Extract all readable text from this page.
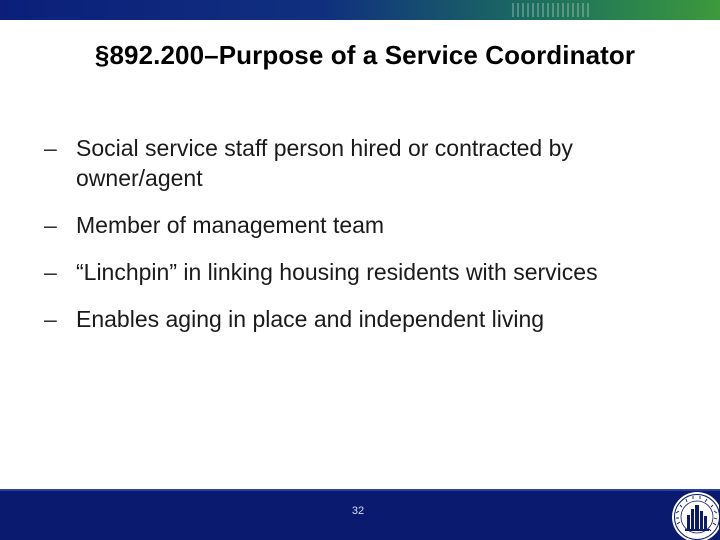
§892.200–Purpose of a Service Coordinator
– Social service staff person hired or contracted by owner/agent
– Member of management team
– “Linchpin” in linking housing residents with services
– Enables aging in place and independent living
32
